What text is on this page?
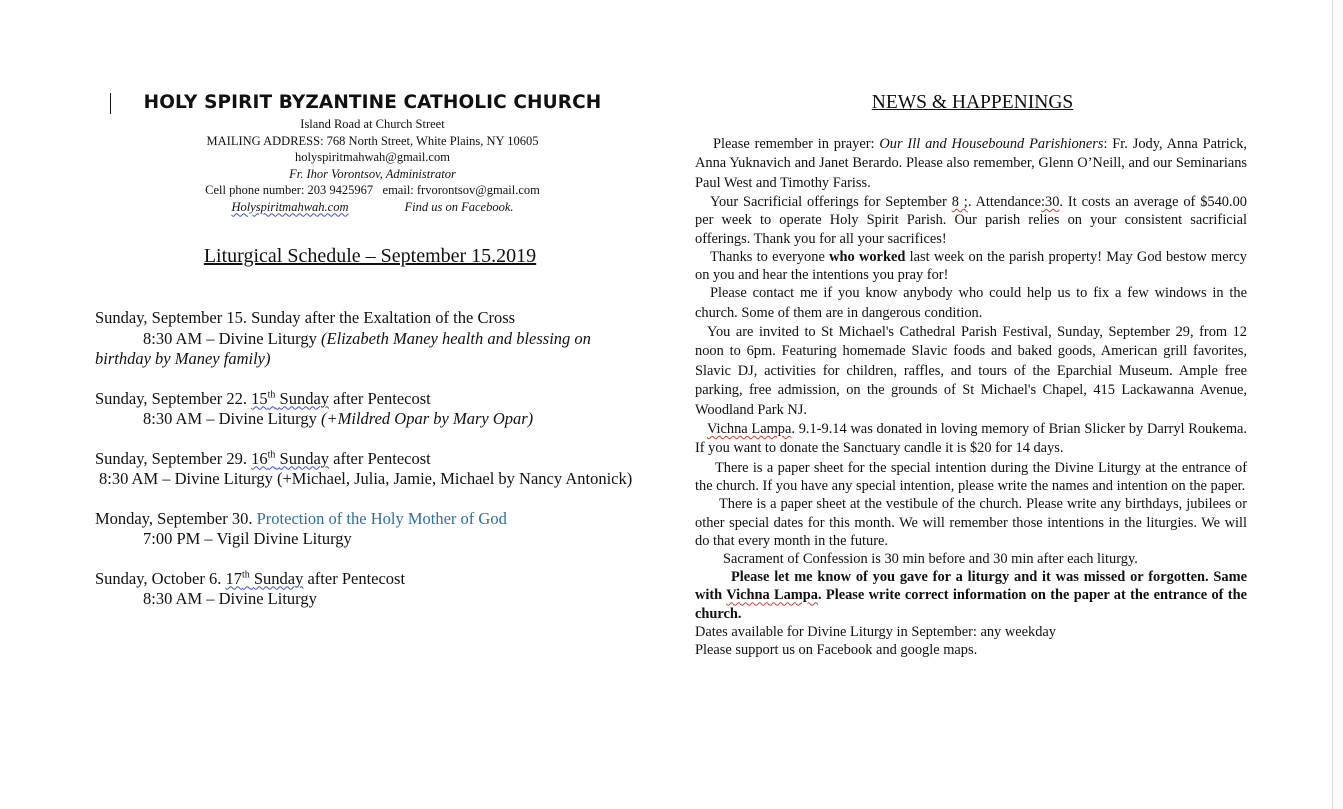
HOLY SPIRIT BYZANTINE CATHOLIC CHURCH
Island Road at Church Street
MAILING ADDRESS: 768 North Street, White Plains, NY 10605
holyspiritmahwah@gmail.com
Fr. Ihor Vorontsov, Administrator
Cell phone number: 203 9425967   email: frvorontsov@gmail.com
Holyspiritmahwah.com	Find us on Facebook.
Liturgical Schedule – September 15.2019
Sunday, September 15. Sunday after the Exaltation of the Cross
8:30 AM – Divine Liturgy (Elizabeth Maney health and blessing on
birthday by Maney family)
Sunday, September 22. 15th Sunday after Pentecost
8:30 AM – Divine Liturgy (+Mildred Opar by Mary Opar)
Sunday, September 29. 16th Sunday after Pentecost
8:30 AM – Divine Liturgy (+Michael, Julia, Jamie, Michael by Nancy Antonick)
Monday, September 30. Protection of the Holy Mother of God
7:00 PM – Vigil Divine Liturgy
Sunday, October 6. 17th Sunday after Pentecost
8:30 AM – Divine Liturgy
NEWS & HAPPENINGS

Please remember in prayer: Our Ill and Housebound Parishioners: Fr. Jody, Anna Patrick, Anna Yuknavich and Janet Berardo. Please also remember, Glenn O’Neill, and our Seminarians Paul West and Timothy Fariss.

Your Sacrificial offerings for September 8 ;. Attendance:30. It costs an average of $540.00 per week to operate Holy Spirit Parish. Our parish relies on your consistent sacrificial offerings. Thank you for all your sacrifices!

Thanks to everyone who worked last week on the parish property! May God bestow mercy on you and hear the intentions you pray for!

Please contact me if you know anybody who could help us to fix a few windows in the church. Some of them are in dangerous condition.

You are invited to St Michael's Cathedral Parish Festival, Sunday, September 29, from 12 noon to 6pm. Featuring homemade Slavic foods and baked goods, American grill favorites, Slavic DJ, activities for children, raffles, and tours of the Eparchial Museum. Ample free parking, free admission, on the grounds of St Michael's Chapel, 415 Lackawanna Avenue, Woodland Park NJ.

Vichna Lampa. 9.1-9.14 was donated in loving memory of Brian Slicker by Darryl Roukema. If you want to donate the Sanctuary candle it is $20 for 14 days.

There is a paper sheet for the special intention during the Divine Liturgy at the entrance of the church. If you have any special intention, please write the names and intention on the paper.

There is a paper sheet at the vestibule of the church. Please write any birthdays, jubilees or other special dates for this month. We will remember those intentions in the liturgies. We will do that every month in the future.

Sacrament of Confession is 30 min before and 30 min after each liturgy.

Please let me know of you gave for a liturgy and it was missed or forgotten. Same with Vichna Lampa. Please write correct information on the paper at the entrance of the church.

Dates available for Divine Liturgy in September: any weekday

Please support us on Facebook and google maps.
